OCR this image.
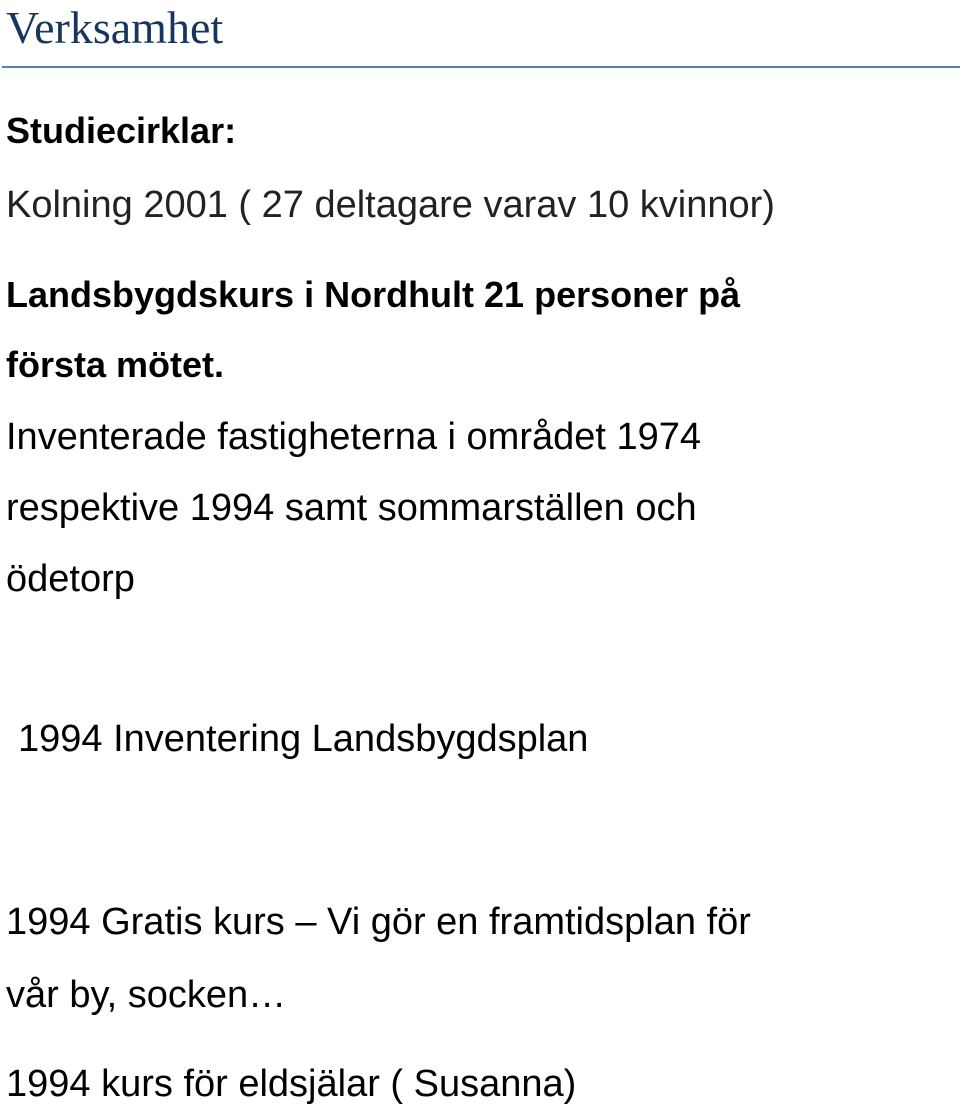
Verksamhet
Studiecirklar:
Kolning 2001 ( 27 deltagare varav 10 kvinnor)
Landsbygdskurs i Nordhult 21 personer på
första mötet.
Inventerade fastigheterna i området 1974
respektive 1994 samt sommarställen och
ödetorp
1994 Inventering Landsbygdsplan
1994 Gratis kurs – Vi gör en framtidsplan för
vår by, socken…
1994 kurs för eldsjälar ( Susanna)
